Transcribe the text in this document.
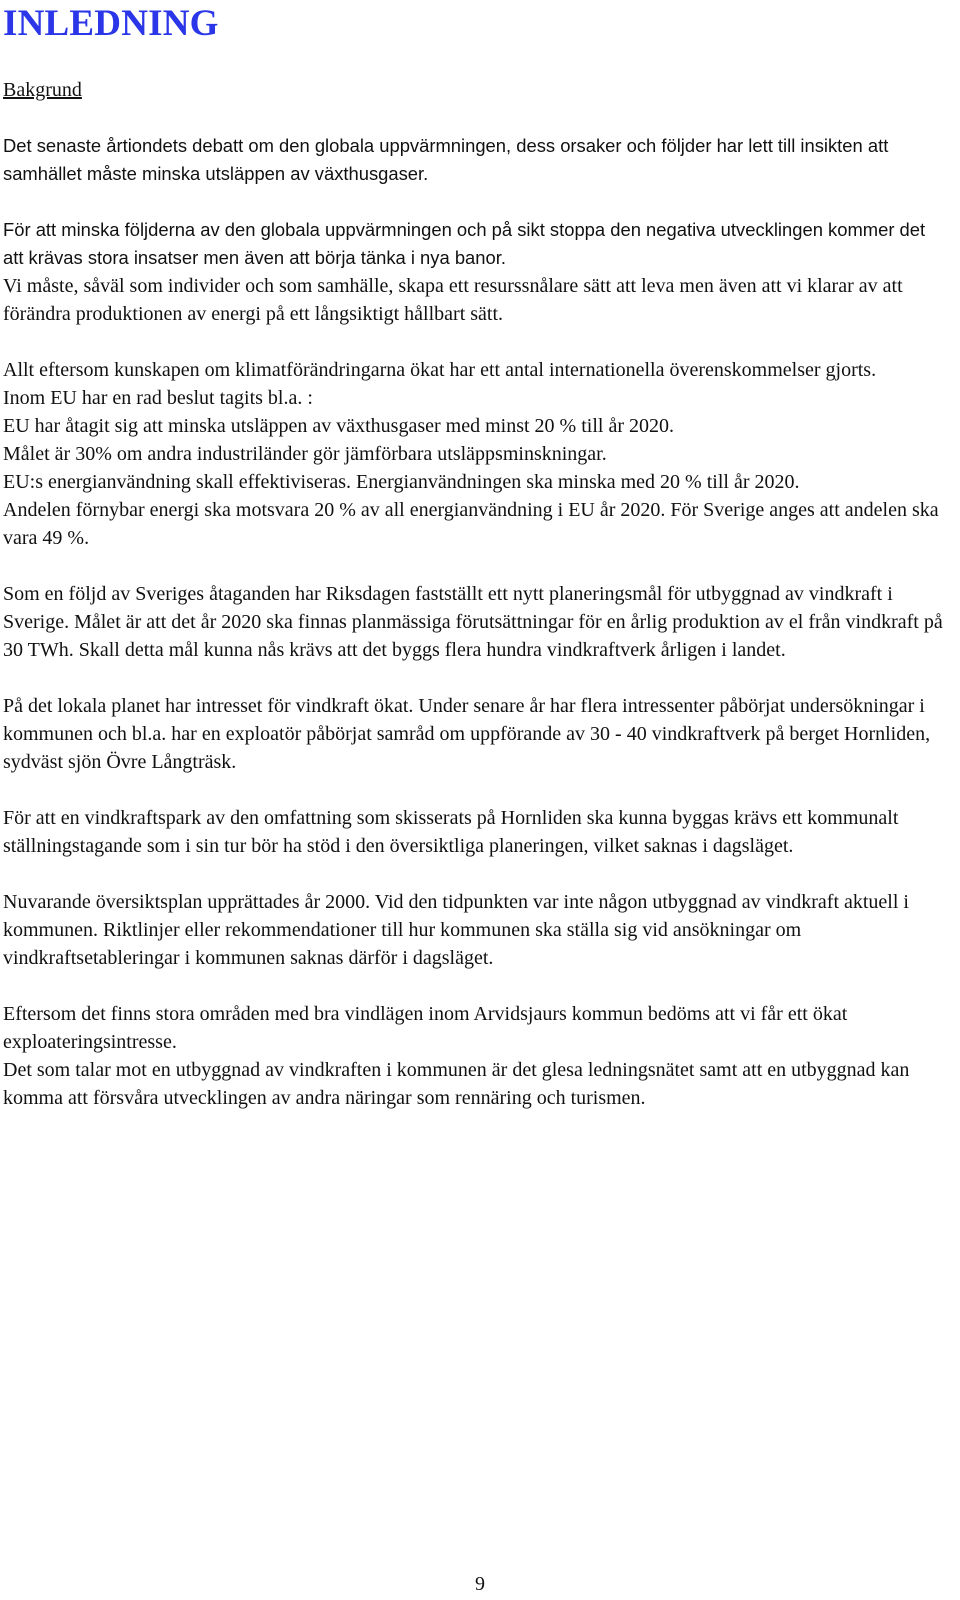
INLEDNING
Bakgrund

Det senaste årtiondets debatt om den globala uppvärmningen, dess orsaker och följder har lett till insikten att samhället måste minska utsläppen av växthusgaser.

För att minska följderna av den globala uppvärmningen och på sikt stoppa den negativa utvecklingen kommer det att krävas stora insatser men även att börja tänka i nya banor.

Vi måste, såväl som individer och som samhälle, skapa ett resurssnålare sätt att leva men även att vi klarar av att förändra produktionen av energi på ett långsiktigt hållbart sätt.

Allt eftersom kunskapen om klimatförändringarna ökat har ett antal internationella överenskommelser gjorts.

Inom EU har en rad beslut tagits bl.a. :

EU har åtagit sig att minska utsläppen av växthusgaser med minst 20 % till år 2020.

Målet är 30% om andra industriländer gör jämförbara utsläppsminskningar.

EU:s energianvändning skall effektiviseras. Energianvändningen ska minska med 20 % till år 2020.

Andelen förnybar energi ska motsvara 20 % av all energianvändning i EU år 2020. För Sverige anges att andelen ska vara 49 %.

Som en följd av Sveriges åtaganden har Riksdagen fastställt ett nytt planeringsmål för utbyggnad av vindkraft i Sverige. Målet är att det år 2020 ska finnas planmässiga förutsättningar för en årlig produktion av el från vindkraft på 30 TWh. Skall detta mål kunna nås krävs att det byggs flera hundra vindkraftverk årligen i landet.

På det lokala planet har intresset för vindkraft ökat. Under senare år har flera intressenter påbörjat undersökningar i kommunen och bl.a. har en exploatör påbörjat samråd om uppförande av 30 - 40 vindkraftverk på berget Hornliden, sydväst sjön Övre Långträsk.

För att en vindkraftspark av den omfattning som skisserats på Hornliden ska kunna byggas krävs ett kommunalt ställningstagande som i sin tur bör ha stöd i den översiktliga planeringen, vilket saknas i dagsläget.

Nuvarande översiktsplan upprättades år 2000. Vid den tidpunkten var inte någon utbyggnad av vindkraft aktuell i kommunen. Riktlinjer eller rekommendationer till hur kommunen ska ställa sig vid ansökningar om vindkraftsetableringar i kommunen saknas därför i dagsläget.

Eftersom det finns stora områden med bra vindlägen inom Arvidsjaurs kommun bedöms att vi får ett ökat exploateringsintresse.

Det som talar mot en utbyggnad av vindkraften i kommunen är det glesa ledningsnätet samt att en utbyggnad kan komma att försvåra utvecklingen av andra näringar som rennäring och turismen.

9
